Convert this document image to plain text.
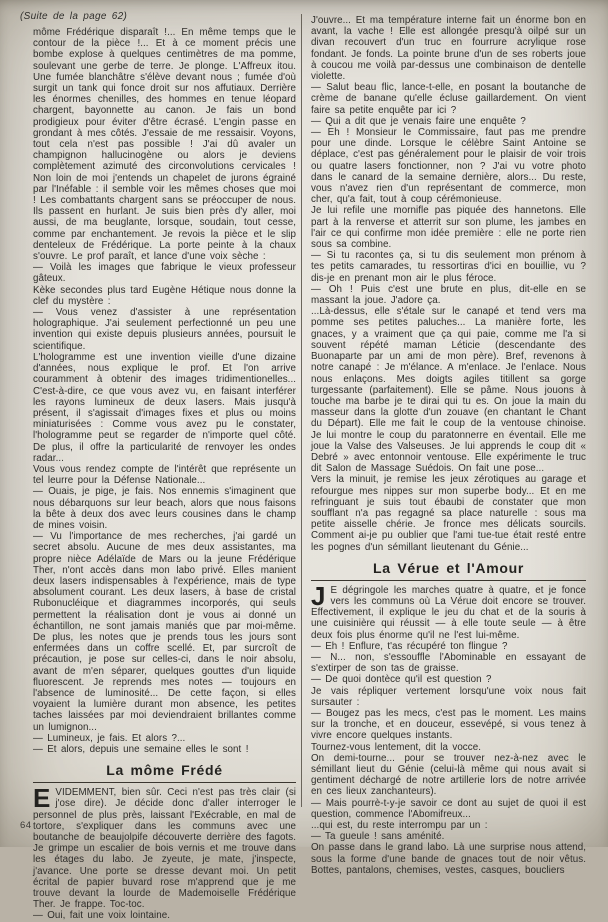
(Suite de la page 62)

môme Frédérique disparaît !... En même temps que le contour de la pièce !... Et à ce moment précis une bombe explose à quelques centimètres de ma pomme, soulevant une gerbe de terre. Je plonge. L'Affreux itou. Une fumée blanchâtre s'élève devant nous ; fumée d'où surgit un tank qui fonce droit sur nos affutiaux. Derrière les énormes chenilles, des hommes en tenue léopard chargent, bayonnette au canon. Je fais un bond prodigieux pour éviter d'être écrasé. L'engin passe en grondant à mes côtés. J'essaie de me ressaisir. Voyons, tout cela n'est pas possible ! J'ai dû avaler un champignon hallucinogène ou alors je deviens complètement azimuté des circonvolutions cervicales ! Non loin de moi j'entends un chapelet de jurons égrainé par l'Inéfable : il semble voir les mêmes choses que moi ! Les combattants chargent sans se préoccuper de nous. Ils passent en hurlant. Je suis bien près d'y aller, moi aussi, de ma beuglante, lorsque, soudain, tout cesse, comme par enchantement. Je revois la pièce et le slip denteleux de Frédérique. La porte peinte à la chaux s'ouvre. Le prof paraît, et lance d'une voix sèche :

— Voilà les images que fabrique le vieux professeur gâteux.

Kèke secondes plus tard Eugène Hétique nous donne la clef du mystère :

— Vous venez d'assister à une représentation holographique. J'ai seulement perfectionné un peu une invention qui existe depuis plusieurs années, poursuit le scientifique.

L'hologramme est une invention vieille d'une dizaine d'années, nous explique le prof. Et l'on arrive couramment à obtenir des images tridimentionelles... C'est-à-dire, ce que vous avez vu, en faisant interférer les rayons lumineux de deux lasers. Mais jusqu'à présent, il s'agissait d'images fixes et plus ou moins miniaturisées : Comme vous avez pu le constater, l'hologramme peut se regarder de n'importe quel côté. De plus, il offre la particularité de renvoyer les ondes radar...

Vous vous rendez compte de l'intérêt que représente un tel leurre pour la Défense Nationale...

— Ouais, je pige, je fais. Nos ennemis s'imaginent que nous débarquons sur leur beach, alors que nous faisons la bête à deux dos avec leurs cousines dans le champ de mines voisin.

— Vu l'importance de mes recherches, j'ai gardé un secret absolu. Aucune de mes deux assistantes, ma propre nièce Adélaïde de Mars ou la jeune Frédérique Ther, n'ont accès dans mon labo privé. Elles manient deux lasers indispensables à l'expérience, mais de type absolument courant. Les deux lasers, à base de cristal Rubonucléique et diagrammes incorporés, qui seuls permettent la réalisation dont je vous ai donné un échantillon, ne sont jamais maniés que par moi-même. De plus, les notes que je prends tous les jours sont enfermées dans un coffre scellé. Et, par surcroît de précaution, je pose sur celles-ci, dans le noir absolu, avant de m'en séparer, quelques gouttes d'un liquide fluorescent. Je reprends mes notes — toujours en l'absence de luminosité... De cette façon, si elles voyaient la lumière durant mon absence, les petites taches laissées par moi deviendraient brillantes comme un lumignon...

— Lumineux, je fais. Et alors ?...

— Et alors, depuis une semaine elles le sont !

La môme Frédé

EVIDEMMENT, bien sûr. Ceci n'est pas très clair (si j'ose dire). Je décide donc d'aller interroger le personnel de plus près, laissant l'Exécrable, en mal de tortore, s'expliquer dans les communs avec une boutanche de beaujolpife découverte derrière des fagots. Je grimpe un escalier de bois vernis et me trouve dans les étages du labo. Je zyeute, je mate, j'inspecte, j'avance. Une porte se dresse devant moi. Un petit écrital de papier buvard rose m'apprend que je me trouve devant la lourde de Mademoiselle Frédérique Ther. Je frappe. Toc-toc.

— Oui, fait une voix lointaine.

J'ouvre... Et ma température interne fait un énorme bon en avant, la vache ! Elle est allongée presqu'à oilpé sur un divan recouvert d'un truc en fourrure acrylique rose fondant. Je fonds. La pointe brune d'un de ses roberts joue à coucou me voilà par-dessus une combinaison de dentelle violette.

— Salut beau flic, lance-t-elle, en posant la boutanche de crème de banane qu'elle écluse gaillardement. On vient faire sa petite enquête par ici ?

— Qui a dit que je venais faire une enquête ?

— Eh ! Monsieur le Commissaire, faut pas me prendre pour une dinde. Lorsque le célèbre Saint Antoine se déplace, c'est pas généralement pour le plaisir de voir trois ou quatre lasers fonctionner, non ? J'ai vu votre photo dans le canard de la semaine dernière, alors... Du reste, vous n'avez rien d'un représentant de commerce, mon cher, qu'a fait, tout à coup cérémonieuse.

Je lui refile une mornifle pas piquée des hannetons. Elle part à la renverse et atterrit sur son plume, les jambes en l'air ce qui confirme mon idée première : elle ne porte rien sous sa combine.

— Si tu racontes ça, si tu dis seulement mon prénom à tes petits camarades, tu ressortiras d'ici en bouillie, vu ? dis-je en prenant mon air le plus féroce.

— Oh ! Puis c'est une brute en plus, dit-elle en se massant la joue. J'adore ça.

...Là-dessus, elle s'étale sur le canapé et tend vers ma pomme ses petites paluches... La manière forte, les gnaces, y a vraiment que ça qui paie, comme me l'a si souvent répété maman Léticie (descendante des Buonaparte par un ami de mon père). Bref, revenons à notre canapé : Je m'élance. A m'enlace. Je l'enlace. Nous nous enlaçons. Mes doigts agiles titillent sa gorge turgessante (parfaitement). Elle se pâme. Nous jouons à touche ma barbe je te dirai qui tu es. On joue la main du masseur dans la glotte d'un zouave (en chantant le Chant du Départ). Elle me fait le coup de la ventouse chinoise. Je lui montre le coup du paratonnerre en éventail. Elle me joue la Valse des Valseuses. Je lui apprends le coup dit « Debré » avec entonnoir ventouse. Elle expérimente le truc dit Salon de Massage Suédois. On fait une pose...

Vers la minuit, je remise les jeux zérotiques au garage et refourgue mes nippes sur mon superbe body... Et en me refringuant je suis tout ébaubi de constater que mon soufflant n'a pas regagné sa place naturelle : sous ma petite aisselle chérie. Je fronce mes délicats sourcils. Comment ai-je pu oublier que l'ami tue-tue était resté entre les pognes d'un sémillant lieutenant du Génie...

La Vérue et l'Amour

J E dégringole les marches quatre à quatre, et je fonce vers les communs où La Vérue doit encore se trouver. Effectivement, il explique le jeu du chat et de la souris à une cuisinière qui réussit — à elle toute seule — à être deux fois plus énorme qu'il ne l'est lui-même.

— Eh ! Enflure, t'as récupéré ton flingue ?

— N... non, s'essouffle l'Abominable en essayant de s'extirper de son tas de graisse.

— De quoi dontèce qu'il est question ?

Je vais répliquer vertement lorsqu'une voix nous fait sursauter :

— Bougez pas les mecs, c'est pas le moment. Les mains sur la tronche, et en douceur, essevépé, si vous tenez à vivre encore quelques instants.

Tournez-vous lentement, dit la vocce.

On demi-tourne... pour se trouver nez-à-nez avec le sémillant lieut du Génie (celui-là même qui nous avait si gentiment déchargé de notre artillerie lors de notre arrivée en ces lieux zanchanteurs).

— Mais pourrè-t-y-je savoir ce dont au sujet de quoi il est question, commence l'Abomifreux...

...qui est, du reste interrompu par un :

— Ta gueule ! sans aménité.

On passe dans le grand labo. Là une surprise nous attend, sous la forme d'une bande de gnaces tout de noir vêtus. Bottes, pantalons, chemises, vestes, casques, boucliers

64
